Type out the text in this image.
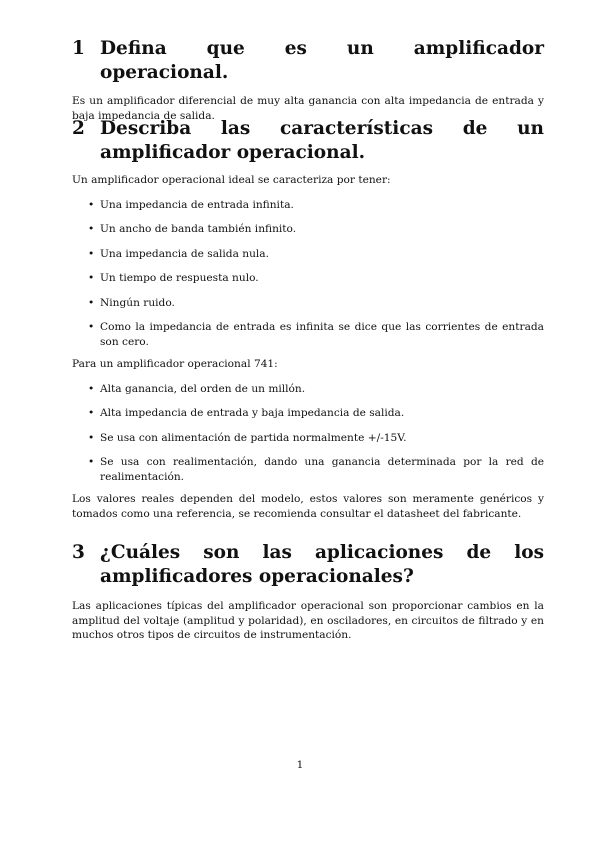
1 Defina que es un amplificador operacional.

Es un amplificador diferencial de muy alta ganancia con alta impedancia de entrada y baja impedancia de salida.

2 Describa las características de un amplificador operacional.

Un amplificador operacional ideal se caracteriza por tener:

• Una impedancia de entrada infinita.
• Un ancho de banda también infinito.
• Una impedancia de salida nula.
• Un tiempo de respuesta nulo.
• Ningún ruido.
• Como la impedancia de entrada es infinita se dice que las corrientes de entrada son cero.

Para un amplificador operacional 741:

• Alta ganancia, del orden de un millón.
• Alta impedancia de entrada y baja impedancia de salida.
• Se usa con alimentación de partida normalmente +/-15V.
• Se usa con realimentación, dando una ganancia determinada por la red de realimentación.

Los valores reales dependen del modelo, estos valores son meramente genéricos y tomados como una referencia, se recomienda consultar el datasheet del fabricante.

3 ¿Cuáles son las aplicaciones de los amplificadores operacionales?

Las aplicaciones típicas del amplificador operacional son proporcionar cambios en la amplitud del voltaje (amplitud y polaridad), en osciladores, en circuitos de filtrado y en muchos otros tipos de circuitos de instrumentación.

1
